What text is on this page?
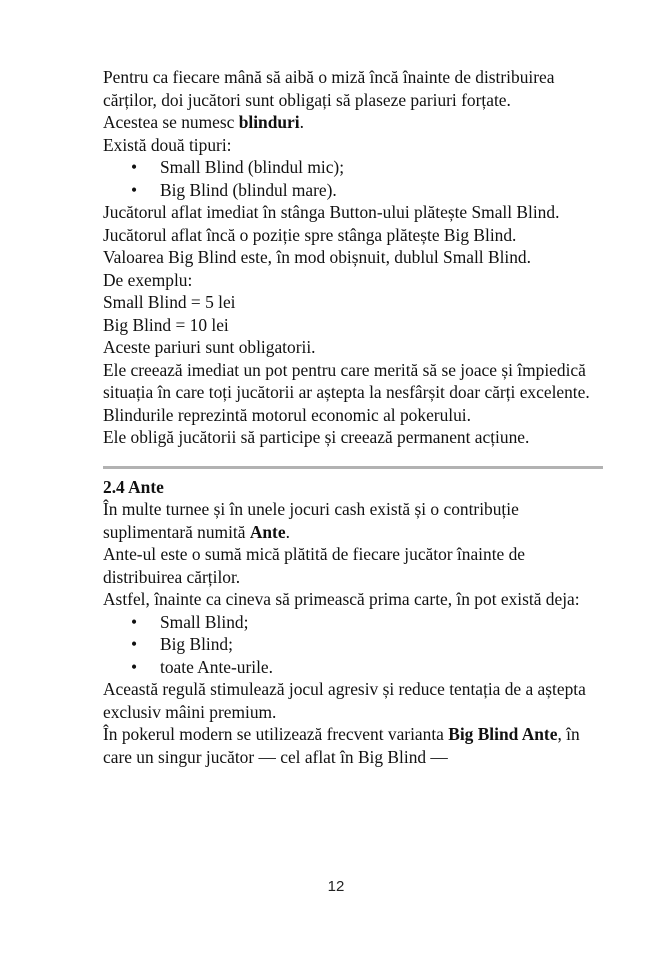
Pentru ca fiecare mână să aibă o miză încă înainte de distribuirea cărților, doi jucători sunt obligați să plaseze pariuri forțate.

Acestea se numesc blinduri.

Există două tipuri:

• Small Blind (blindul mic);
• Big Blind (blindul mare).

Jucătorul aflat imediat în stânga Button-ului plătește Small Blind.

Jucătorul aflat încă o poziție spre stânga plătește Big Blind.

Valoarea Big Blind este, în mod obișnuit, dublul Small Blind.

De exemplu:

Small Blind = 5 lei

Big Blind = 10 lei

Aceste pariuri sunt obligatorii.

Ele creează imediat un pot pentru care merită să se joace și împiedică situația în care toți jucătorii ar aștepta la nesfârșit doar cărți excelente.

Blindurile reprezintă motorul economic al pokerului.

Ele obligă jucătorii să participe și creează permanent acțiune.

2.4 Ante

În multe turnee și în unele jocuri cash există și o contribuție suplimentară numită Ante.

Ante-ul este o sumă mică plătită de fiecare jucător înainte de distribuirea cărților.

Astfel, înainte ca cineva să primească prima carte, în pot există deja:

• Small Blind;
• Big Blind;
• toate Ante-urile.

Această regulă stimulează jocul agresiv și reduce tentația de a aștepta exclusiv mâini premium.

În pokerul modern se utilizează frecvent varianta Big Blind Ante, în care un singur jucător — cel aflat în Big Blind —

12
